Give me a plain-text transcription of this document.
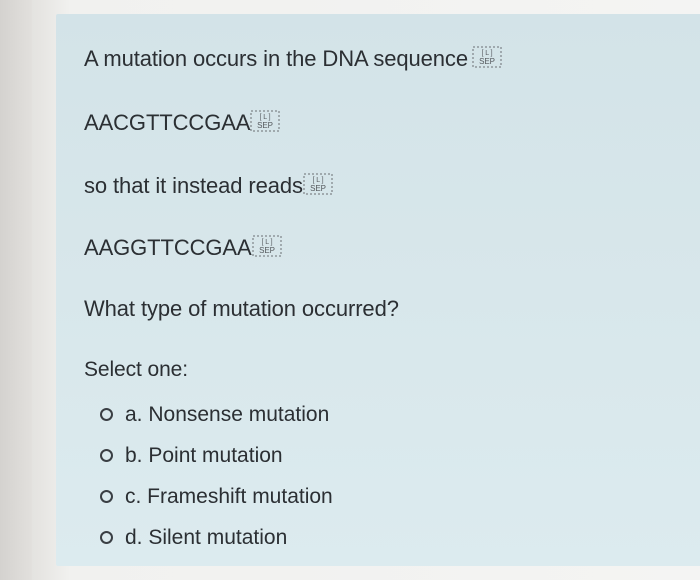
A mutation occurs in the DNA sequence [ L ]
SEP
AACGTTCCGAA [ L ]
SEP
so that it instead reads [ L ]
SEP
AAGGTTCCGAA [ L ]
SEP
What type of mutation occurred?
Select one:
a. Nonsense mutation
b. Point mutation
c. Frameshift mutation
d. Silent mutation
